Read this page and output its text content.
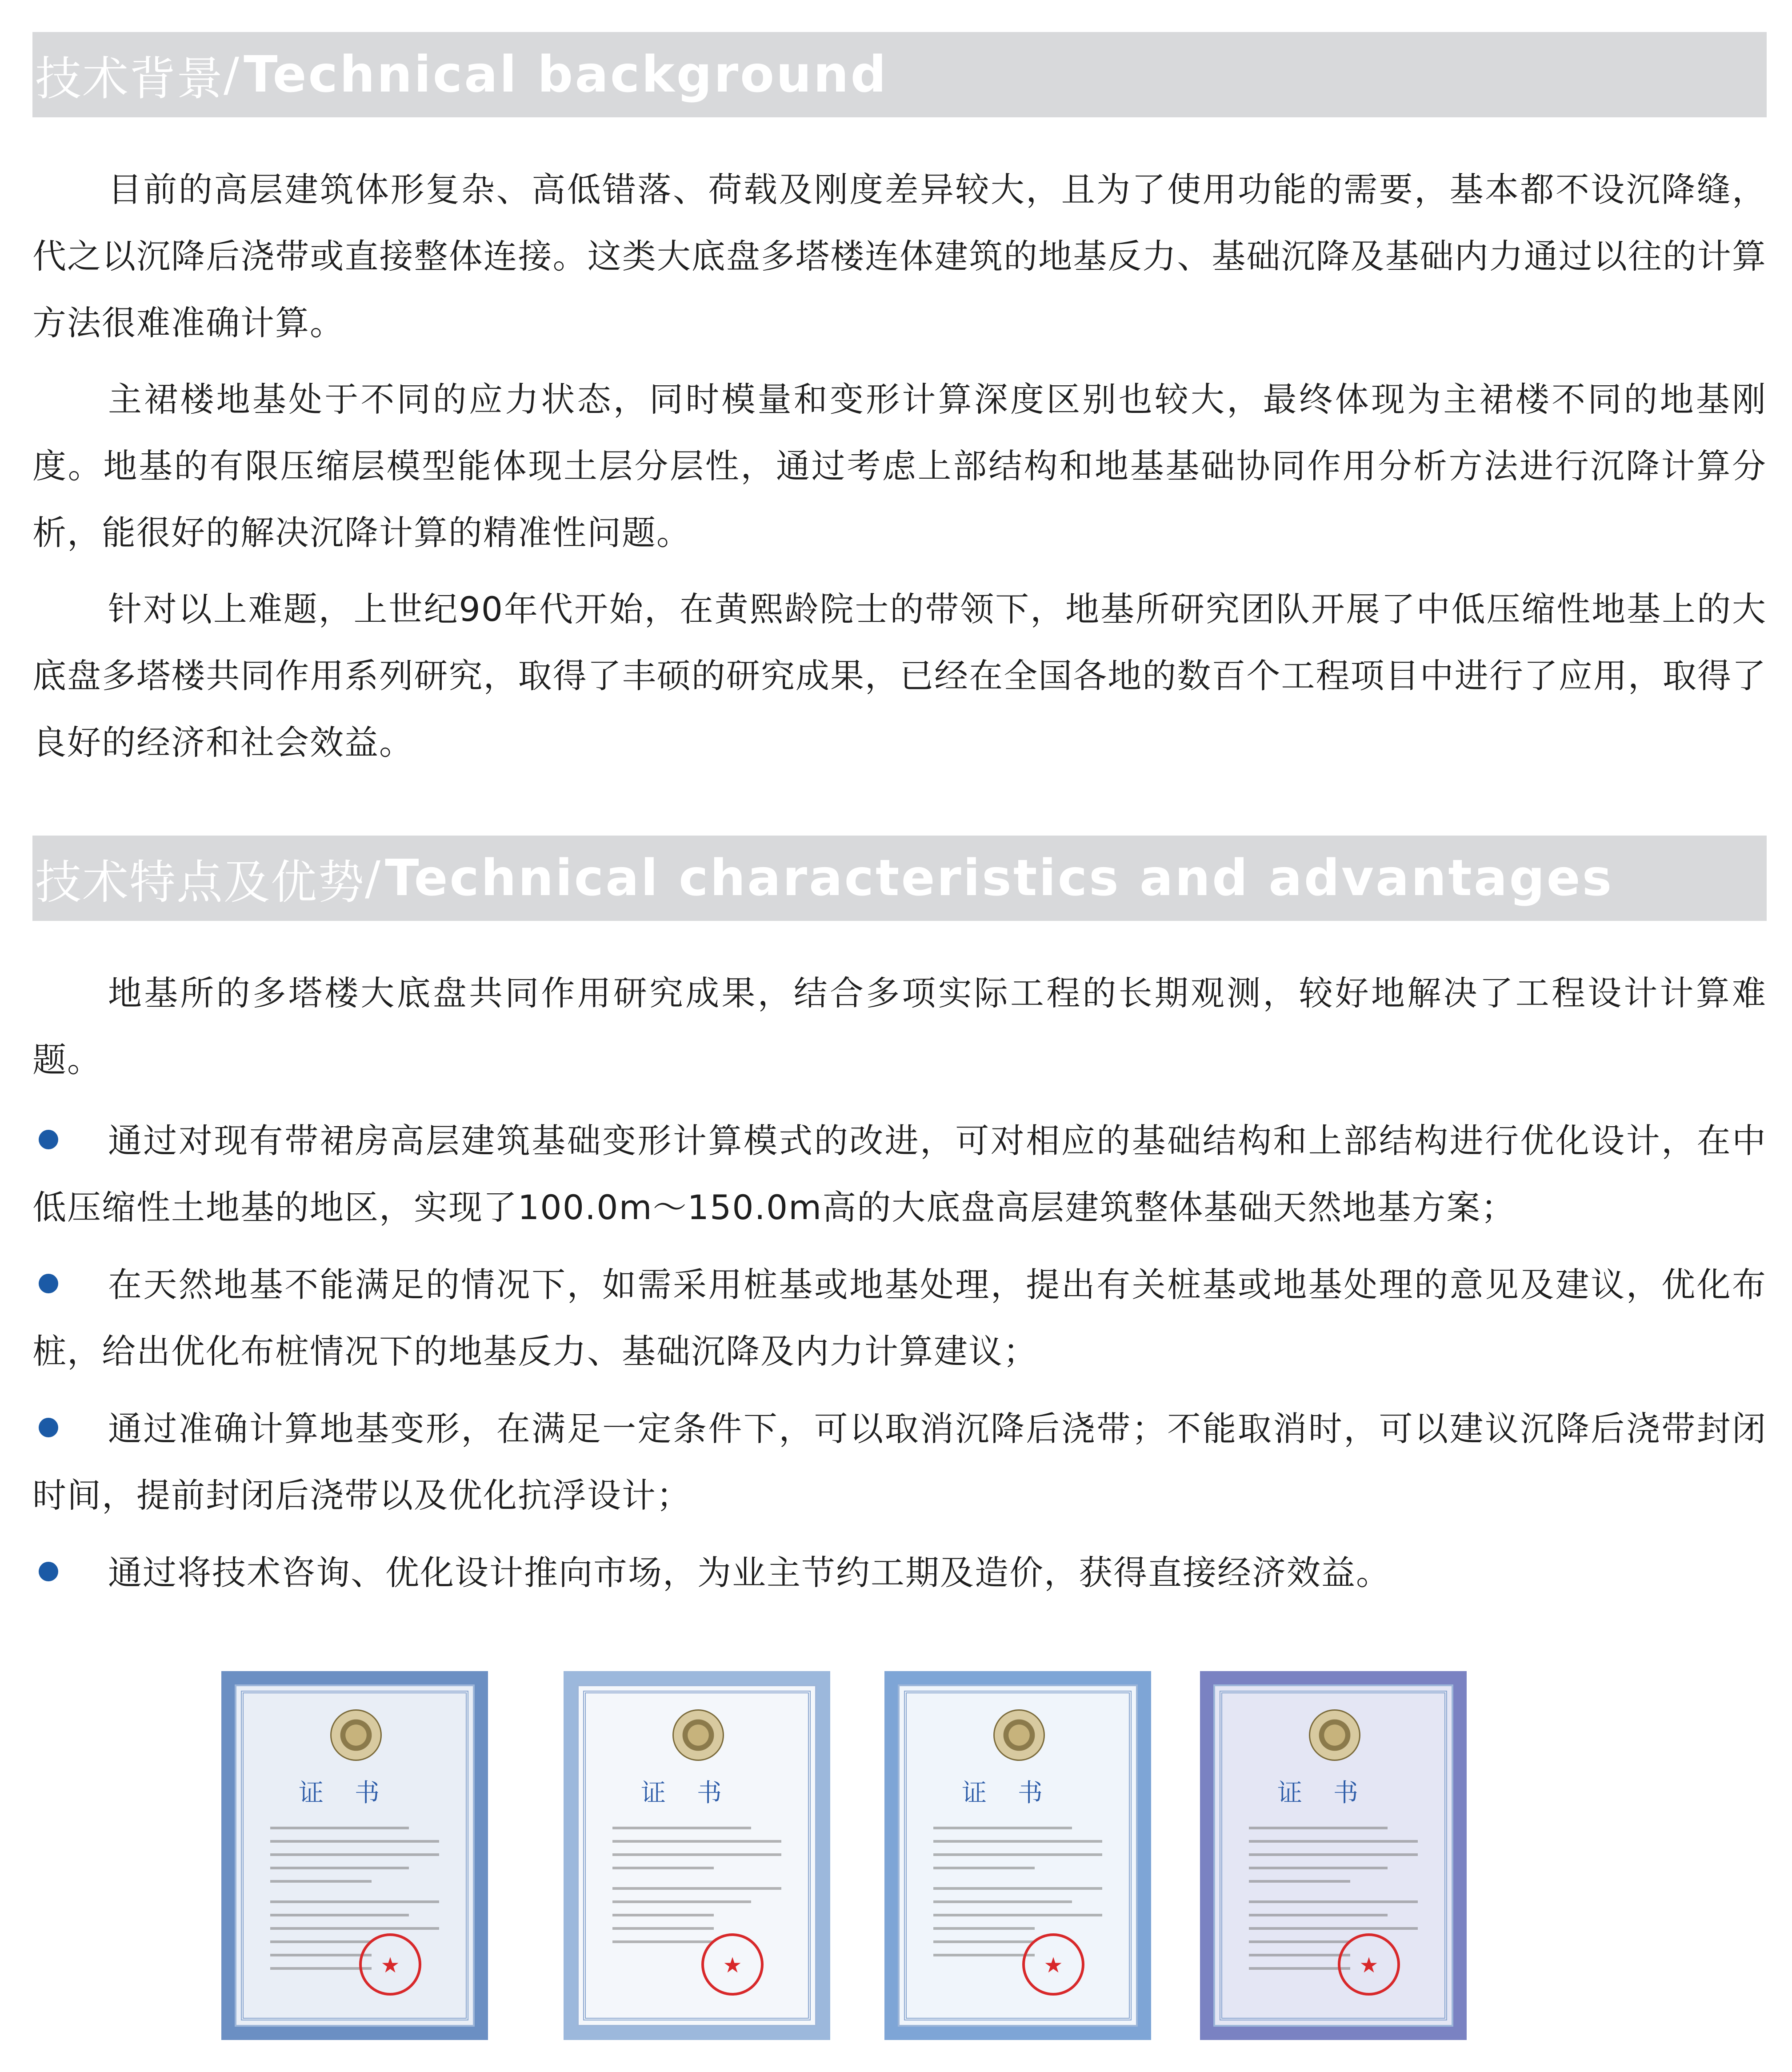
技术背景 / Technical background

目前的高层建筑体形复杂、高低错落、荷载及刚度差异较大，且为了使用功能的需要，基本都不设沉降缝，代之以沉降后浇带或直接整体连接。这类大底盘多塔楼连体建筑的地基反力、基础沉降及基础内力通过以往的计算方法很难准确计算。

主裙楼地基处于不同的应力状态，同时模量和变形计算深度区别也较大，最终体现为主裙楼不同的地基刚度。地基的有限压缩层模型能体现土层分层性，通过考虑上部结构和地基基础协同作用分析方法进行沉降计算分析，能很好的解决沉降计算的精准性问题。

针对以上难题，上世纪90年代开始，在黄熙龄院士的带领下，地基所研究团队开展了中低压缩性地基上的大底盘多塔楼共同作用系列研究，取得了丰硕的研究成果，已经在全国各地的数百个工程项目中进行了应用，取得了良好的经济和社会效益。

技术特点及优势 / Technical characteristics and advantages

地基所的多塔楼大底盘共同作用研究成果，结合多项实际工程的长期观测，较好地解决了工程设计计算难题。

通过对现有带裙房高层建筑基础变形计算模式的改进，可对相应的基础结构和上部结构进行优化设计，在中低压缩性土地基的地区，实现了100.0m～150.0m高的大底盘高层建筑整体基础天然地基方案；
在天然地基不能满足的情况下，如需采用桩基或地基处理，提出有关桩基或地基处理的意见及建议，优化布桩，给出优化布桩情况下的地基反力、基础沉降及内力计算建议；
通过准确计算地基变形，在满足一定条件下，可以取消沉降后浇带；不能取消时，可以建议沉降后浇带封闭时间，提前封闭后浇带以及优化抗浮设计；
通过将技术咨询、优化设计推向市场，为业主节约工期及造价，获得直接经济效益。
证书
★	证书
★	证书
★	证书
★
